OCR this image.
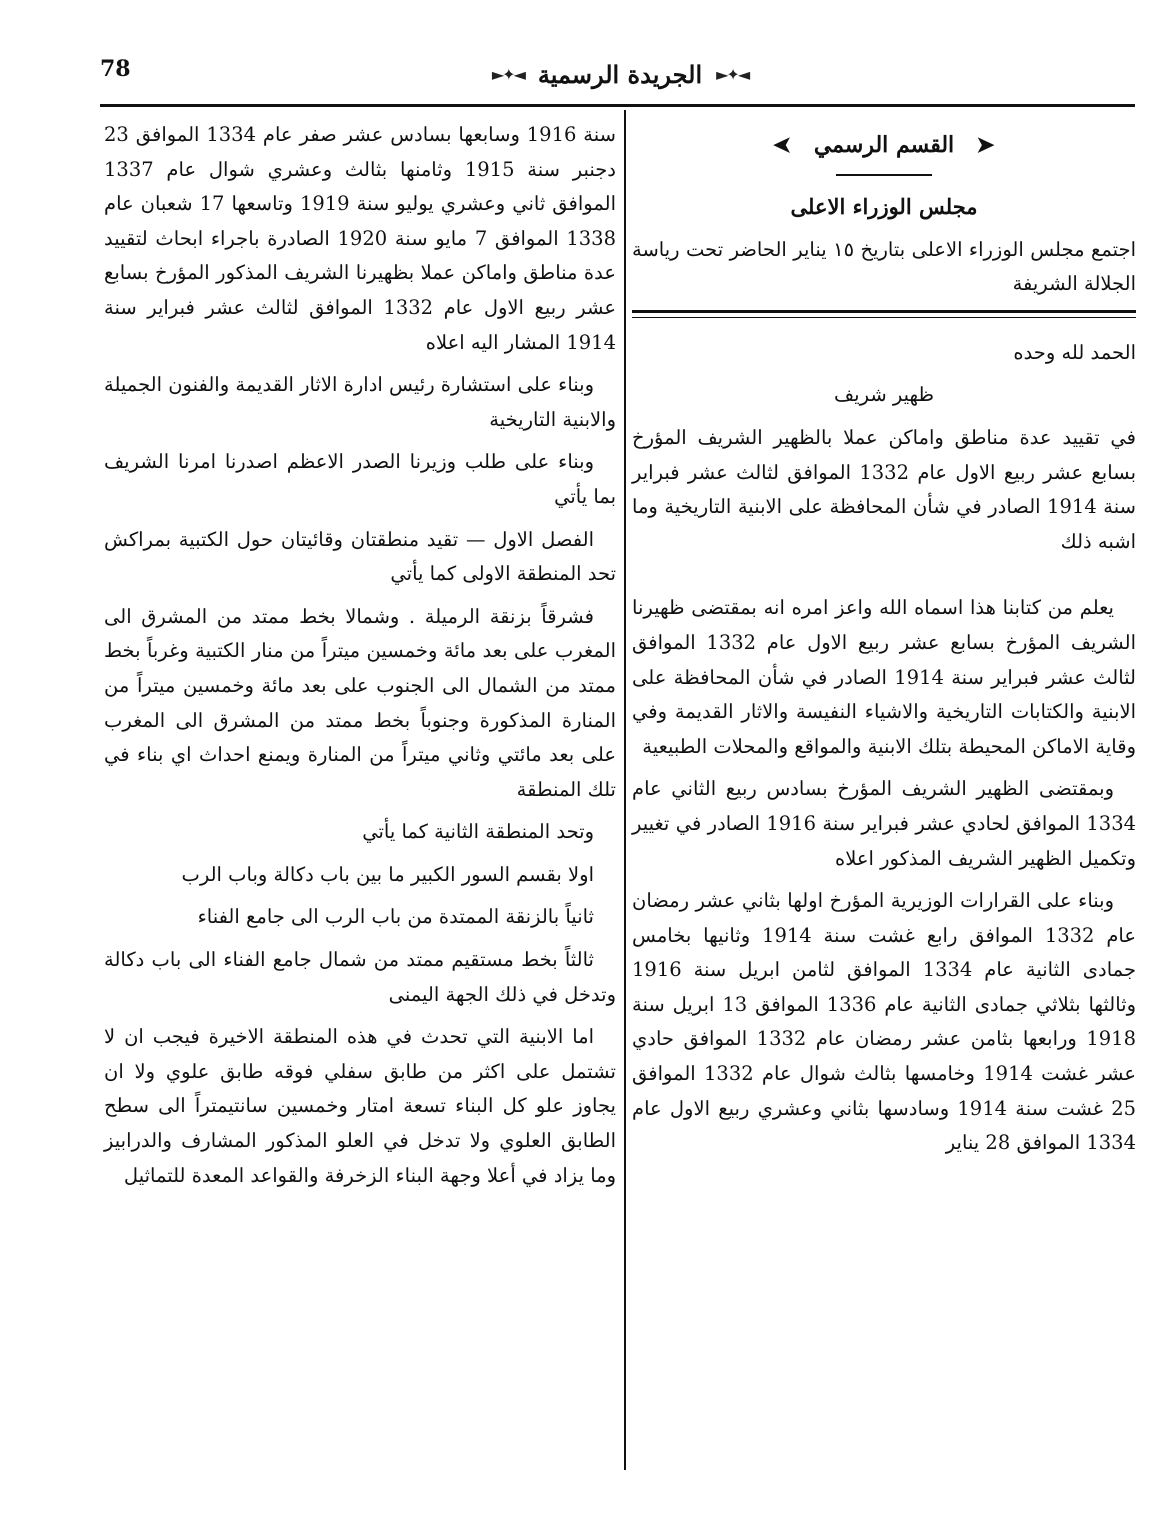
78	◄✦►
الجريدة الرسمية
◄✦►
➤
القسم الرسمي
➤

مجلس الوزراء الاعلى

اجتمع مجلس الوزراء الاعلى بتاريخ ١٥ يناير الحاضر تحت رياسة الجلالة الشريفة

الحمد لله وحده

ظهير شريف

في تقييد عدة مناطق واماكن عملا بالظهير الشريف المؤرخ بسابع عشر ربيع الاول عام 1332 الموافق لثالث عشر فبراير سنة 1914 الصادر في شأن المحافظة على الابنية التاريخية وما اشبه ذلك

يعلم من كتابنا هذا اسماه الله واعز امره انه بمقتضى ظهيرنا الشريف المؤرخ بسابع عشر ربيع الاول عام 1332 الموافق لثالث عشر فبراير سنة 1914 الصادر في شأن المحافظة على الابنية والكتابات التاريخية والاشياء النفيسة والاثار القديمة وفي وقاية الاماكن المحيطة بتلك الابنية والمواقع والمحلات الطبيعية

وبمقتضى الظهير الشريف المؤرخ بسادس ربيع الثاني عام 1334 الموافق لحادي عشر فبراير سنة 1916 الصادر في تغيير وتكميل الظهير الشريف المذكور اعلاه

وبناء على القرارات الوزيرية المؤرخ اولها بثاني عشر رمضان عام 1332 الموافق رابع غشت سنة 1914 وثانيها بخامس جمادى الثانية عام 1334 الموافق لثامن ابريل سنة 1916 وثالثها بثلاثي جمادى الثانية عام 1336 الموافق 13 ابريل سنة 1918 ورابعها بثامن عشر رمضان عام 1332 الموافق حادي عشر غشت 1914 وخامسها بثالث شوال عام 1332 الموافق 25 غشت سنة 1914 وسادسها بثاني وعشري ربيع الاول عام 1334 الموافق 28 يناير

سنة 1916 وسابعها بسادس عشر صفر عام 1334 الموافق 23 دجنبر سنة 1915 وثامنها بثالث وعشري شوال عام 1337 الموافق ثاني وعشري يوليو سنة 1919 وتاسعها 17 شعبان عام 1338 الموافق 7 مايو سنة 1920 الصادرة باجراء ابحاث لتقييد عدة مناطق واماكن عملا بظهيرنا الشريف المذكور المؤرخ بسابع عشر ربيع الاول عام 1332 الموافق لثالث عشر فبراير سنة 1914 المشار اليه اعلاه

وبناء على استشارة رئيس ادارة الاثار القديمة والفنون الجميلة والابنية التاريخية

وبناء على طلب وزيرنا الصدر الاعظم اصدرنا امرنا الشريف بما يأتي

الفصل الاول — تقيد منطقتان وقائيتان حول الكتبية بمراكش تحد المنطقة الاولى كما يأتي

فشرقاً بزنقة الرميلة . وشمالا بخط ممتد من المشرق الى المغرب على بعد مائة وخمسين ميتراً من منار الكتبية وغرباً بخط ممتد من الشمال الى الجنوب على بعد مائة وخمسين ميتراً من المنارة المذكورة وجنوباً بخط ممتد من المشرق الى المغرب على بعد مائتي وثاني ميتراً من المنارة ويمنع احداث اي بناء في تلك المنطقة

وتحد المنطقة الثانية كما يأتي

اولا بقسم السور الكبير ما بين باب دكالة وباب الرب

ثانياً بالزنقة الممتدة من باب الرب الى جامع الفناء

ثالثاً بخط مستقيم ممتد من شمال جامع الفناء الى باب دكالة وتدخل في ذلك الجهة اليمنى

اما الابنية التي تحدث في هذه المنطقة الاخيرة فيجب ان لا تشتمل على اكثر من طابق سفلي فوقه طابق علوي ولا ان يجاوز علو كل البناء تسعة امتار وخمسين سانتيمتراً الى سطح الطابق العلوي ولا تدخل في العلو المذكور المشارف والدرابيز وما يزاد في أعلا وجهة البناء الزخرفة والقواعد المعدة للتماثيل
